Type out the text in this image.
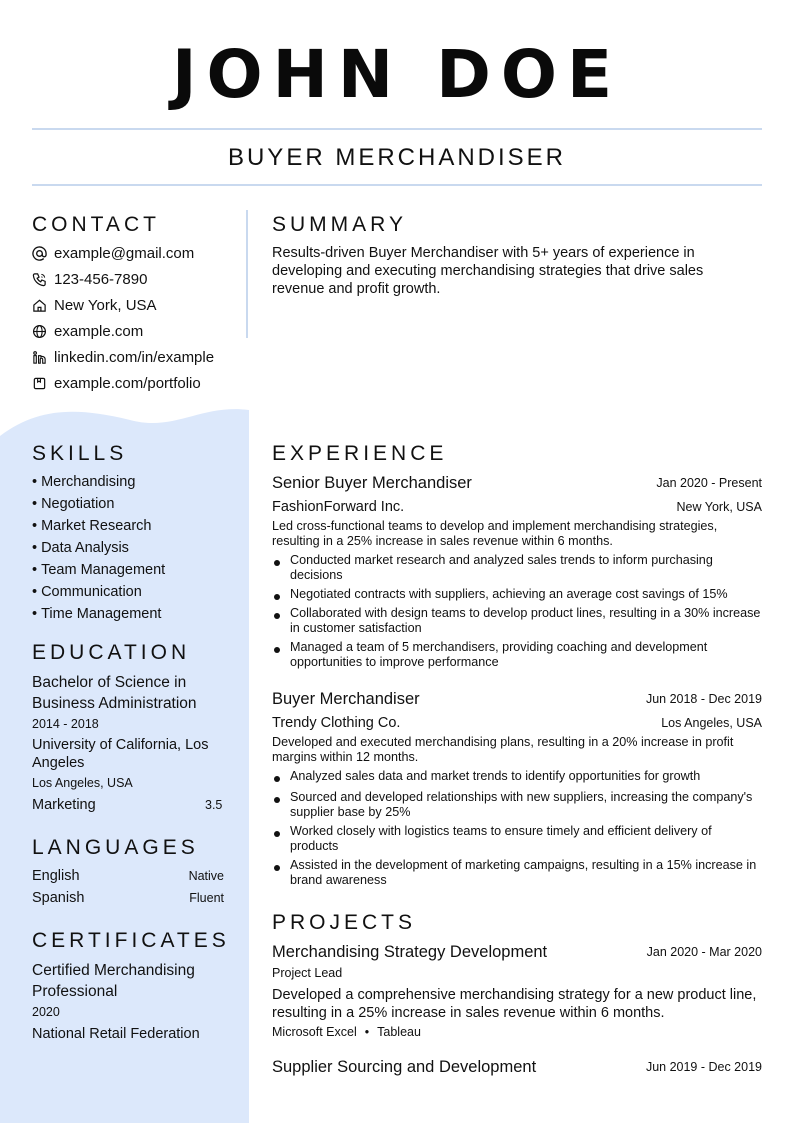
JOHN DOE
BUYER MERCHANDISER
CONTACT
example@gmail.com
123-456-7890
New York, USA
example.com
linkedin.com/in/example
example.com/portfolio
SUMMARY
Results-driven Buyer Merchandiser with 5+ years of experience in developing and executing merchandising strategies that drive sales revenue and profit growth.
SKILLS
• Merchandising
• Negotiation
• Market Research
• Data Analysis
• Team Management
• Communication
• Time Management
EDUCATION
Bachelor of Science in Business Administration
2014 - 2018
University of California, Los Angeles
Los Angeles, USA
Marketing	3.5
LANGUAGES
English	Native
Spanish	Fluent
CERTIFICATES
Certified Merchandising Professional
2020
National Retail Federation
EXPERIENCE
Senior Buyer Merchandiser	Jan 2020 - Present
FashionForward Inc.	New York, USA
Led cross-functional teams to develop and implement merchandising strategies, resulting in a 25% increase in sales revenue within 6 months.
Conducted market research and analyzed sales trends to inform purchasing decisions
Negotiated contracts with suppliers, achieving an average cost savings of 15%
Collaborated with design teams to develop product lines, resulting in a 30% increase in customer satisfaction
Managed a team of 5 merchandisers, providing coaching and development opportunities to improve performance
Buyer Merchandiser	Jun 2018 - Dec 2019
Trendy Clothing Co.	Los Angeles, USA
Developed and executed merchandising plans, resulting in a 20% increase in profit margins within 12 months.
Analyzed sales data and market trends to identify opportunities for growth
Sourced and developed relationships with new suppliers, increasing the company's supplier base by 25%
Worked closely with logistics teams to ensure timely and efficient delivery of products
Assisted in the development of marketing campaigns, resulting in a 15% increase in brand awareness
PROJECTS
Merchandising Strategy Development	Jan 2020 - Mar 2020
Project Lead
Developed a comprehensive merchandising strategy for a new product line, resulting in a 25% increase in sales revenue within 6 months.
Microsoft Excel • Tableau
Supplier Sourcing and Development	Jun 2019 - Dec 2019
